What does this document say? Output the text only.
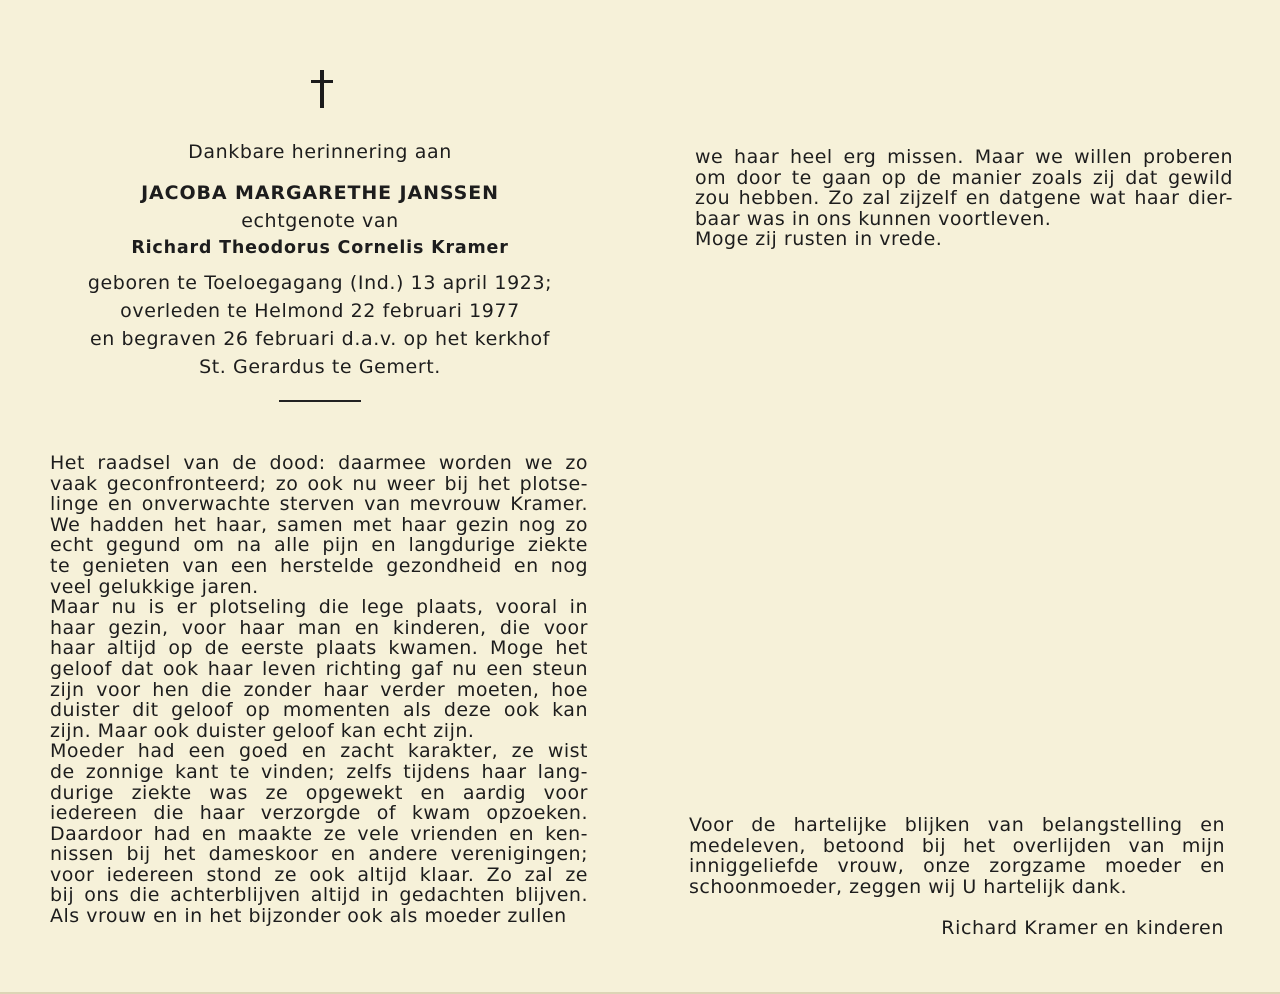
Dankbare herinnering aan
JACOBA MARGARETHE JANSSEN
echtgenote van
Richard Theodorus Cornelis Kramer
geboren te Toeloegagang (Ind.) 13 april 1923;
overleden te Helmond 22 februari 1977
en begraven 26 februari d.a.v. op het kerkhof
St. Gerardus te Gemert.
Het raadsel van de dood: daarmee worden we zo
vaak geconfronteerd; zo ook nu weer bij het plotse-
linge en onverwachte sterven van mevrouw Kramer.
We hadden het haar, samen met haar gezin nog zo
echt gegund om na alle pijn en langdurige ziekte
te genieten van een herstelde gezondheid en nog
veel gelukkige jaren.
Maar nu is er plotseling die lege plaats, vooral in
haar gezin, voor haar man en kinderen, die voor
haar altijd op de eerste plaats kwamen. Moge het
geloof dat ook haar leven richting gaf nu een steun
zijn voor hen die zonder haar verder moeten, hoe
duister dit geloof op momenten als deze ook kan
zijn. Maar ook duister geloof kan echt zijn.
Moeder had een goed en zacht karakter, ze wist
de zonnige kant te vinden; zelfs tijdens haar lang-
durige ziekte was ze opgewekt en aardig voor
iedereen die haar verzorgde of kwam opzoeken.
Daardoor had en maakte ze vele vrienden en ken-
nissen bij het dameskoor en andere verenigingen;
voor iedereen stond ze ook altijd klaar. Zo zal ze
bij ons die achterblijven altijd in gedachten blijven.
Als vrouw en in het bijzonder ook als moeder zullen
we haar heel erg missen. Maar we willen proberen
om door te gaan op de manier zoals zij dat gewild
zou hebben. Zo zal zijzelf en datgene wat haar dier-
baar was in ons kunnen voortleven.
Moge zij rusten in vrede.
Voor de hartelijke blijken van belangstelling en
medeleven, betoond bij het overlijden van mijn
inniggeliefde vrouw, onze zorgzame moeder en
schoonmoeder, zeggen wij U hartelijk dank.
Richard Kramer en kinderen
